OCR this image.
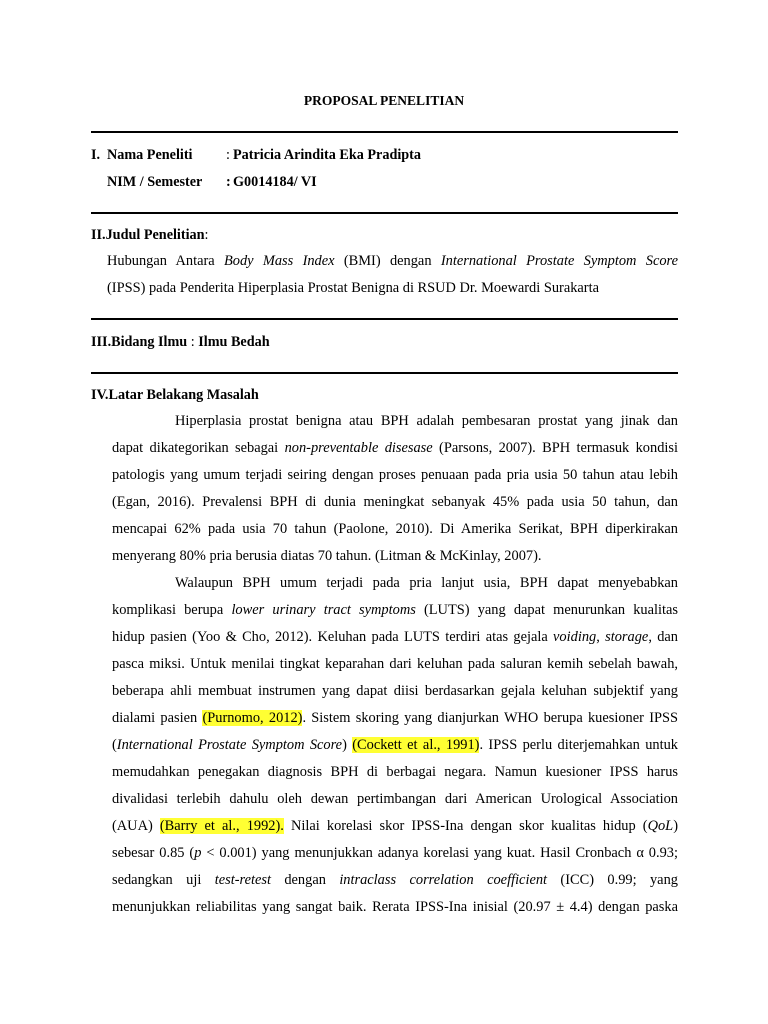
PROPOSAL PENELITIAN
I. Nama Peneliti : Patricia Arindita Eka Pradipta
NIM / Semester : G0014184/ VI
II.Judul Penelitian:
Hubungan Antara Body Mass Index (BMI) dengan International Prostate Symptom Score
(IPSS) pada Penderita Hiperplasia Prostat Benigna di RSUD Dr. Moewardi Surakarta
III.Bidang Ilmu : Ilmu Bedah
IV.Latar Belakang Masalah
Hiperplasia prostat benigna atau BPH adalah pembesaran prostat yang jinak dan
dapat dikategorikan sebagai non-preventable disesase (Parsons, 2007). BPH termasuk kondisi
patologis yang umum terjadi seiring dengan proses penuaan pada pria usia 50 tahun atau lebih
(Egan, 2016). Prevalensi BPH di dunia meningkat sebanyak 45% pada usia 50 tahun, dan
mencapai 62% pada usia 70 tahun (Paolone, 2010). Di Amerika Serikat, BPH diperkirakan
menyerang 80% pria berusia diatas 70 tahun. (Litman & McKinlay, 2007).
Walaupun BPH umum terjadi pada pria lanjut usia, BPH dapat menyebabkan
komplikasi berupa lower urinary tract symptoms (LUTS) yang dapat menurunkan kualitas
hidup pasien (Yoo & Cho, 2012). Keluhan pada LUTS terdiri atas gejala voiding, storage, dan
pasca miksi. Untuk menilai tingkat keparahan dari keluhan pada saluran kemih sebelah bawah,
beberapa ahli membuat instrumen yang dapat diisi berdasarkan gejala keluhan subjektif yang
dialami pasien (Purnomo, 2012). Sistem skoring yang dianjurkan WHO berupa kuesioner IPSS
(International Prostate Symptom Score) (Cockett et al., 1991). IPSS perlu diterjemahkan untuk
memudahkan penegakan diagnosis BPH di berbagai negara. Namun kuesioner IPSS harus
divalidasi terlebih dahulu oleh dewan pertimbangan dari American Urological Association
(AUA) (Barry et al., 1992). Nilai korelasi skor IPSS-Ina dengan skor kualitas hidup (QoL)
sebesar 0.85 (p < 0.001) yang menunjukkan adanya korelasi yang kuat. Hasil Cronbach α 0.93;
sedangkan uji test-retest dengan intraclass correlation coefficient (ICC) 0.99; yang
menunjukkan reliabilitas yang sangat baik. Rerata IPSS-Ina inisial (20.97 ± 4.4) dengan paska
